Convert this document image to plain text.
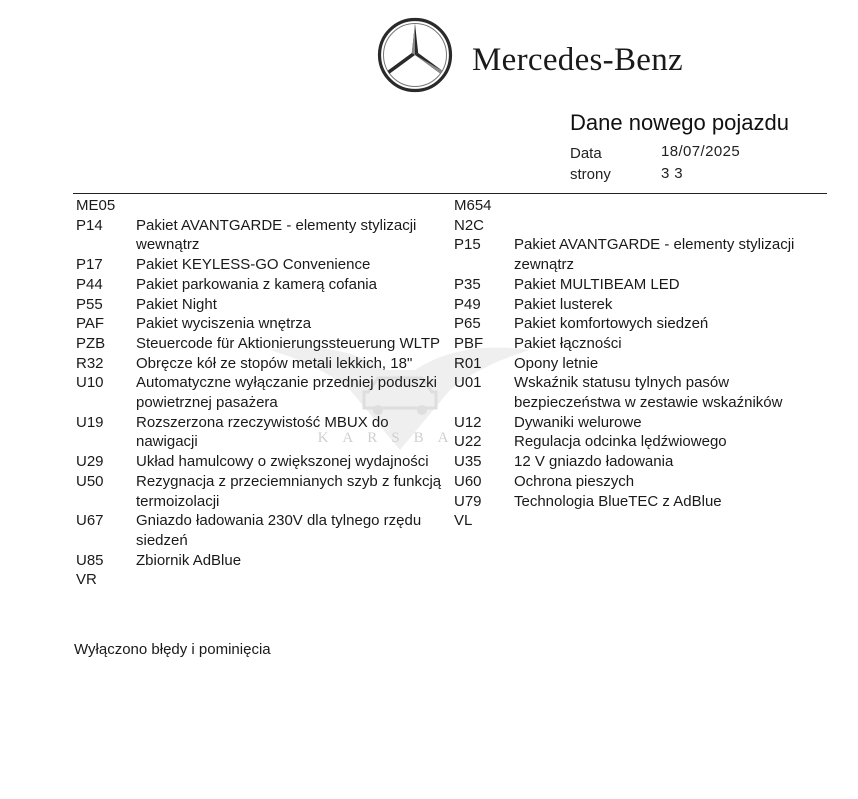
Mercedes-Benz
Dane nowego pojazdu
Data	18/07/2025
strony	3 3
KARSBA
ME05
P14	Pakiet AVANTGARDE - elementy stylizacji wewnątrz
P17	Pakiet KEYLESS-GO Convenience
P44	Pakiet parkowania z kamerą cofania
P55	Pakiet Night
PAF	Pakiet wyciszenia wnętrza
PZB	Steuercode für Aktionierungssteuerung WLTP
R32	Obręcze kół ze stopów metali lekkich, 18"
U10	Automatyczne wyłączanie przedniej poduszki powietrznej pasażera
U19	Rozszerzona rzeczywistość MBUX do nawigacji
U29	Układ hamulcowy o zwiększonej wydajności
U50	Rezygnacja z przeciemnianych szyb z funkcją termoizolacji
U67	Gniazdo ładowania 230V dla tylnego rzędu siedzeń
U85	Zbiornik AdBlue
VR
M654
N2C
P15	Pakiet AVANTGARDE - elementy stylizacji zewnątrz
P35	Pakiet MULTIBEAM LED
P49	Pakiet lusterek
P65	Pakiet komfortowych siedzeń
PBF	Pakiet łączności
R01	Opony letnie
U01	Wskaźnik statusu tylnych pasów bezpieczeństwa w zestawie wskaźników
U12	Dywaniki welurowe
U22	Regulacja odcinka lędźwiowego
U35	12 V gniazdo ładowania
U60	Ochrona pieszych
U79	Technologia BlueTEC z AdBlue
VL
Wyłączono błędy i pominięcia
